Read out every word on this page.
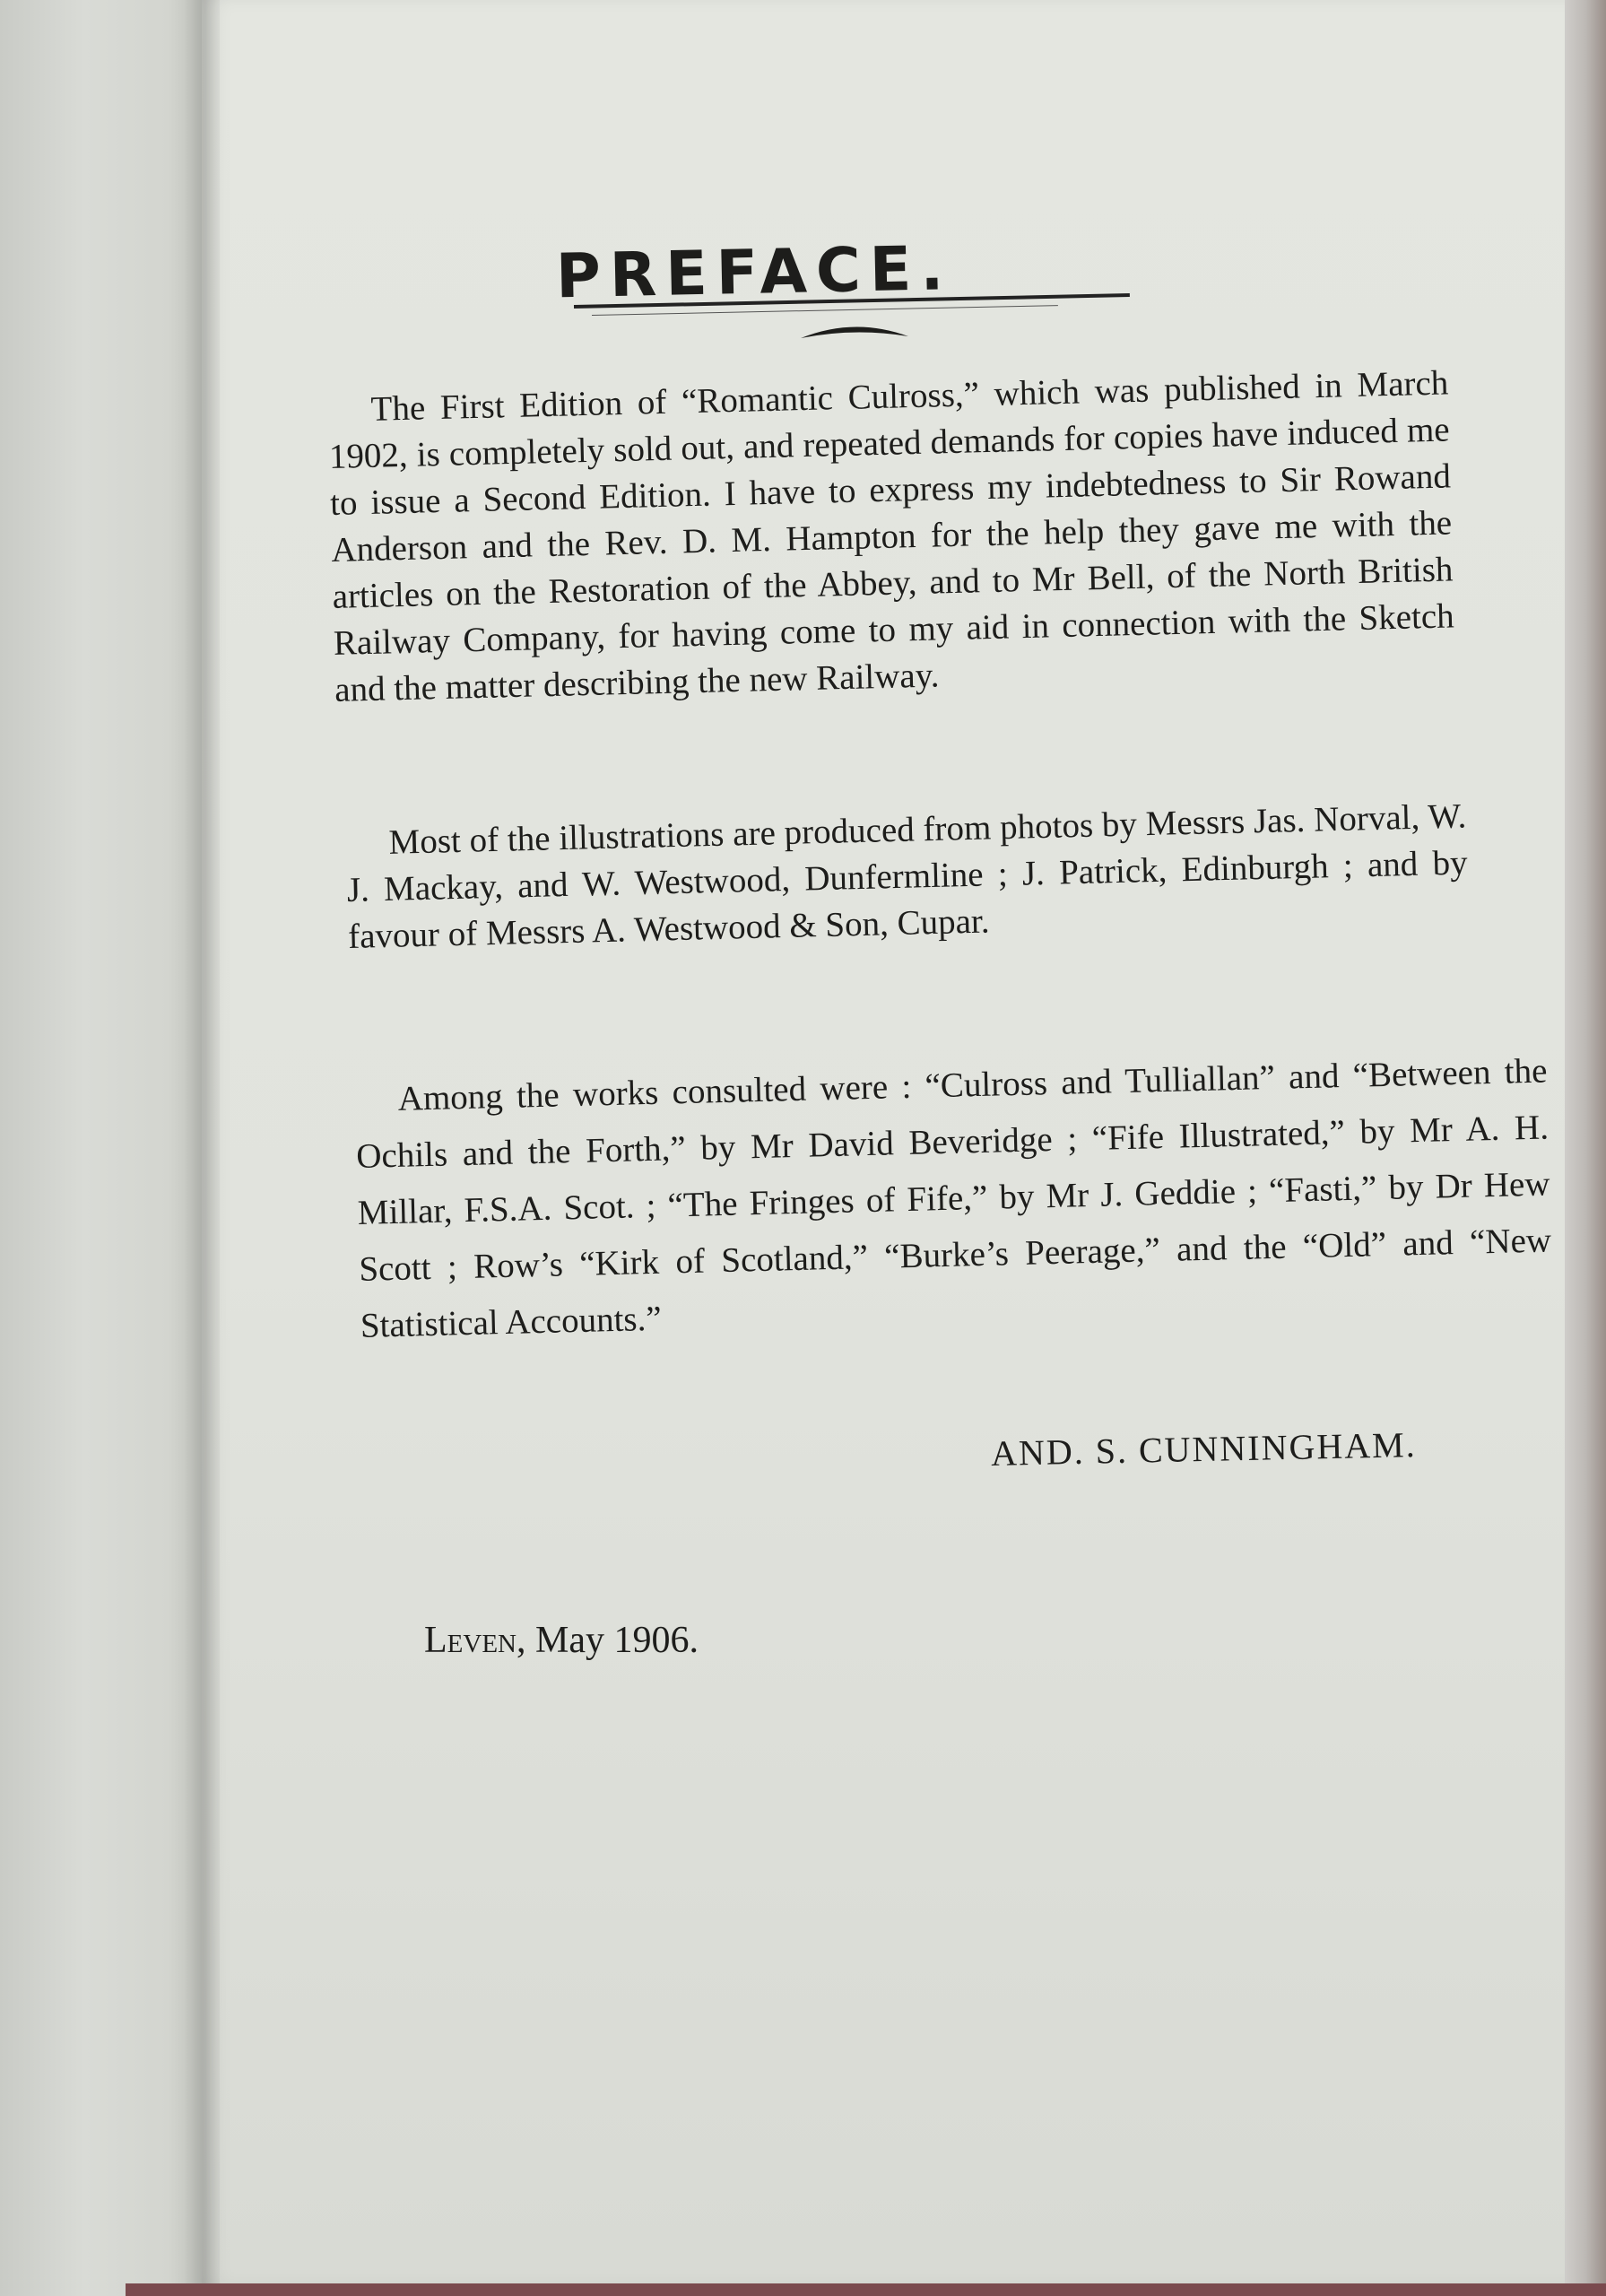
PREFACE.

The First Edition of “Romantic Culross,” which was published in March 1902, is completely sold out, and repeated demands for copies have induced me to issue a Second Edition. I have to express my indebtedness to Sir Rowand Anderson and the Rev. D. M. Hampton for the help they gave me with the articles on the Restoration of the Abbey, and to Mr Bell, of the North British Railway Company, for having come to my aid in connection with the Sketch and the matter describing the new Railway.

Most of the illustrations are produced from photos by Messrs Jas. Norval, W. J. Mackay, and W. Westwood, Dunfermline ; J. Patrick, Edinburgh ; and by favour of Messrs A. Westwood & Son, Cupar.

Among the works consulted were : “Culross and Tulliallan” and “Between the Ochils and the Forth,” by Mr David Beveridge ; “Fife Illustrated,” by Mr A. H. Millar, F.S.A. Scot. ; “The Fringes of Fife,” by Mr J. Geddie ; “Fasti,” by Dr Hew Scott ; Row’s “Kirk of Scotland,” “Burke’s Peerage,” and the “Old” and “New Statistical Accounts.”

AND. S. CUNNINGHAM.
Leven, May 1906.
